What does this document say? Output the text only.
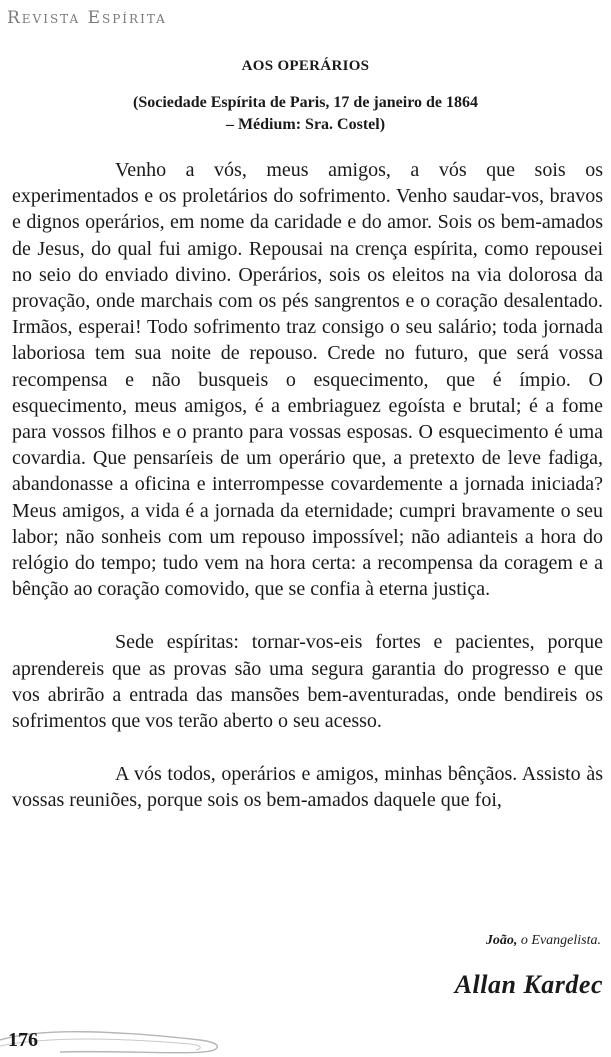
Revista Espírita
AOS OPERÁRIOS
(Sociedade Espírita de Paris, 17 de janeiro de 1864
– Médium: Sra. Costel)

Venho a vós, meus amigos, a vós que sois os experimentados e os proletários do sofrimento. Venho saudar-vos, bravos e dignos operários, em nome da caridade e do amor. Sois os bem-amados de Jesus, do qual fui amigo. Repousai na crença espírita, como repousei no seio do enviado divino. Operários, sois os eleitos na via dolorosa da provação, onde marchais com os pés sangrentos e o coração desalentado. Irmãos, esperai! Todo sofrimento traz consigo o seu salário; toda jornada laboriosa tem sua noite de repouso. Crede no futuro, que será vossa recompensa e não busqueis o esquecimento, que é ímpio. O esquecimento, meus amigos, é a embriaguez egoísta e brutal; é a fome para vossos filhos e o pranto para vossas esposas. O esquecimento é uma covardia. Que pensaríeis de um operário que, a pretexto de leve fadiga, abandonasse a oficina e interrompesse covardemente a jornada iniciada? Meus amigos, a vida é a jornada da eternidade; cumpri bravamente o seu labor; não sonheis com um repouso impossível; não adianteis a hora do relógio do tempo; tudo vem na hora certa: a recompensa da coragem e a bênção ao coração comovido, que se confia à eterna justiça.

Sede espíritas: tornar-vos-eis fortes e pacientes, porque aprendereis que as provas são uma segura garantia do progresso e que vos abrirão a entrada das mansões bem-aventuradas, onde bendireis os sofrimentos que vos terão aberto o seu acesso.

A vós todos, operários e amigos, minhas bênçãos. Assisto às vossas reuniões, porque sois os bem-amados daquele que foi,

João, o Evangelista.
Allan Kardec
176
